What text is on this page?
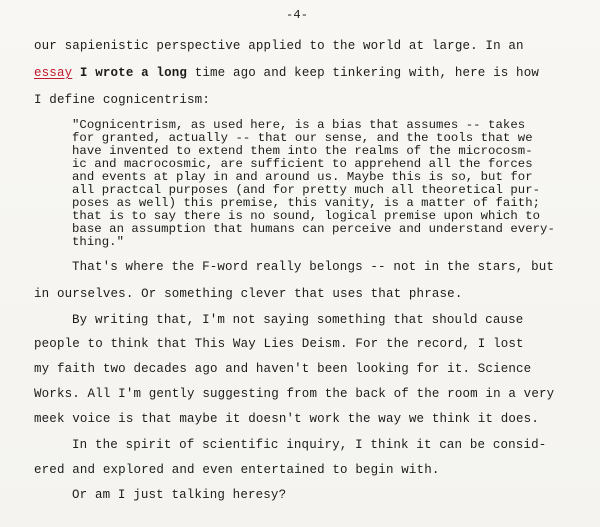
-4-
our sapienistic perspective applied to the world at large. In an
essay I wrote a long time ago and keep tinkering with, here is how
I define cognicentrism:
"Cognicentrism, as used here, is a bias that assumes -- takes
for granted, actually -- that our sense, and the tools that we
have invented to extend them into the realms of the microcosm-
ic and macrocosmic, are sufficient to apprehend all the forces
and events at play in and around us. Maybe this is so, but for
all practcal purposes (and for pretty much all theoretical pur-
poses as well) this premise, this vanity, is a matter of faith;
that is to say there is no sound, logical premise upon which to
base an assumption that humans can perceive and understand every-
thing."
That's where the F-word really belongs -- not in the stars, but
in ourselves. Or something clever that uses that phrase.
By writing that, I'm not saying something that should cause
people to think that This Way Lies Deism. For the record, I lost
my faith two decades ago and haven't been looking for it. Science
Works. All I'm gently suggesting from the back of the room in a very
meek voice is that maybe it doesn't work the way we think it does.
In the spirit of scientific inquiry, I think it can be consid-
ered and explored and even entertained to begin with.
Or am I just talking heresy?
